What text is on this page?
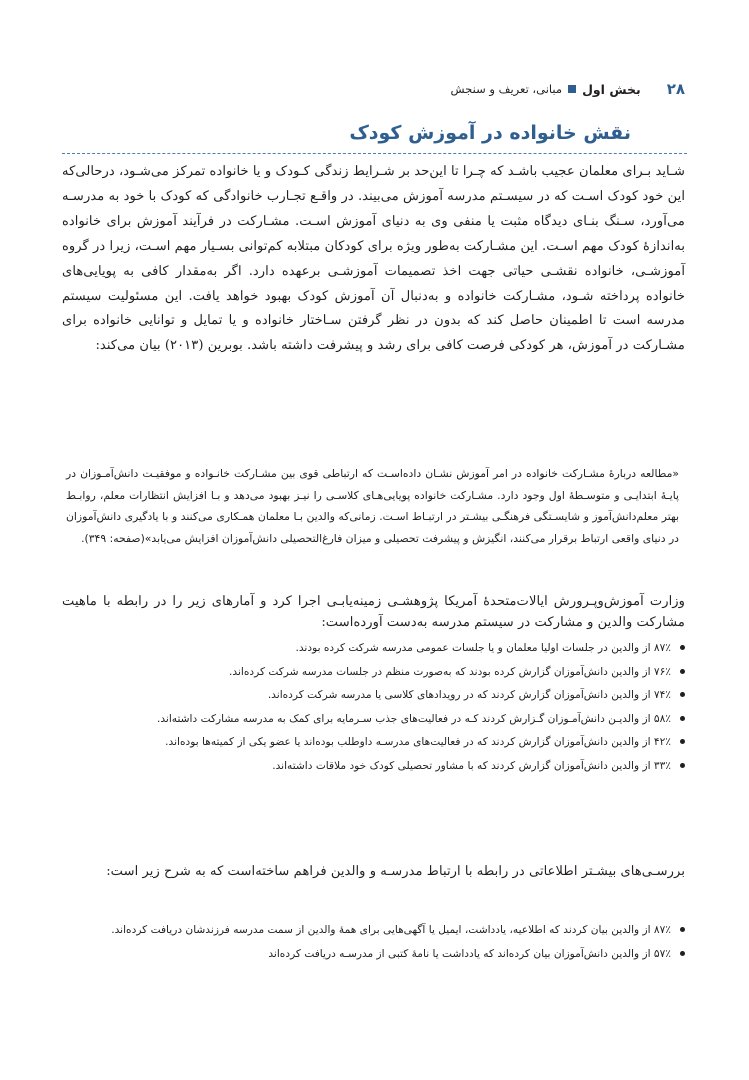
۲۸
بخش اول
مبانی، تعریف و سنجش
نقش خانواده در آموزش کودک

شـاید بـرای معلمان عجیب باشـد که چـرا تا این‌حد بر شـرایط زندگی کـودک و یا خانواده تمرکز می‌شـود، درحالی‌که این خود کودک اسـت که در سیسـتم مدرسه آموزش می‌بیند. در واقـع تجـارب خانوادگی که کودک با خود به مدرسـه می‌آورد، سـنگ بنـای دیدگاه مثبت یا منفی وی به دنیای آموزش اسـت. مشـارکت در فرآیند آموزش برای خانواده به‌اندازهٔ کودک مهم اسـت. این مشـارکت به‌طور ویژه برای کودکان مبتلابه کم‌توانی بسـیار مهم اسـت، زیرا در گروه آموزشـی، خانواده نقشـی حیاتی جهت اخذ تصمیمات آموزشـی برعهده دارد. اگر به‌مقدار کافی به پویایی‌های خانواده پرداخته شـود، مشـارکت خانواده و به‌دنبال آن آموزش کودک بهبود خواهد یافت. این مسئولیت سیستم مدرسه است تا اطمینان حاصل کند که بدون در نظر گرفتن سـاختار خانواده و یا تمایل و توانایی خانواده برای مشـارکت در آموزش، هر کودکی فرصت کافی برای رشد و پیشرفت داشته باشد. بوبرین (۲۰۱۳) بیان می‌کند:

«مطالعه دربارهٔ مشـارکت خانواده در امر آموزش نشـان داده‌اسـت که ارتباطی قوی بین مشـارکت خانـواده و موفقیـت دانش‌آمـوزان در پایـهٔ ابتدایـی و متوسـطهٔ اول وجود دارد. مشـارکت خانواده پویایی‌هـای کلاسـی را نیـز بهبود می‌دهد و بـا افزایش انتظارات معلم، روابـط بهتر معلم‌دانش‌آموز و شایسـتگی فرهنگـی بیشـتر در ارتبـاط اسـت. زمانی‌که والدین بـا معلمان همـکاری می‌کنند و با یادگیری دانش‌آموزان در دنیای واقعی ارتباط برقرار می‌کنند، انگیزش و پیشرفت تحصیلی و میزان فارغ‌التحصیلی دانش‌آموزان افزایش می‌یابد»(صفحه: ۳۴۹).

وزارت آموزش‌وپـرورش ایالات‌متحدهٔ آمریکا پژوهشـی زمینه‌یابـی اجرا کرد و آمارهای زیر را در رابطه با ماهیت مشارکت والدین و مشارکت در سیستم مدرسه به‌دست آورده‌است:

۸۷٪ از والدین در جلسات اولیا معلمان و یا جلسات عمومی مدرسه شرکت کرده بودند.
۷۶٪ از والدین دانش‌آموزان گزارش کرده بودند که به‌صورت منظم در جلسات مدرسه شرکت کرده‌اند.
۷۴٪ از والدین دانش‌آموزان گزارش کردند که در رویدادهای کلاسی یا مدرسه شرکت کرده‌اند.
۵۸٪ از والدیـن دانش‌آمـوزان گـزارش کردند کـه در فعالیت‌های جذب سـرمایه برای کمک به مدرسه مشارکت داشته‌اند.
۴۲٪ از والدین دانش‌آموزان گزارش کردند که در فعالیت‌های مدرسـه داوطلب بوده‌اند یا عضو یکی از کمیته‌ها بوده‌اند.
۳۳٪ از والدین دانش‌آموزان گزارش کردند که با مشاور تحصیلی کودک خود ملاقات داشته‌اند.

بررسـی‌های بیشـتر اطلاعاتی در رابطه با ارتباط مدرسـه و والدین فراهم ساخته‌است که به شرح زیر است:

۸۷٪ از والدین بیان کردند که اطلاعیه، یادداشت، ایمیل یا آگهی‌هایی برای همهٔ والدین از سمت مدرسه فرزندشان دریافت کرده‌اند.
۵۷٪ از والدین دانش‌آموزان بیان کرده‌اند که یادداشت یا نامهٔ کتبی از مدرسـه دریافت کرده‌اند
